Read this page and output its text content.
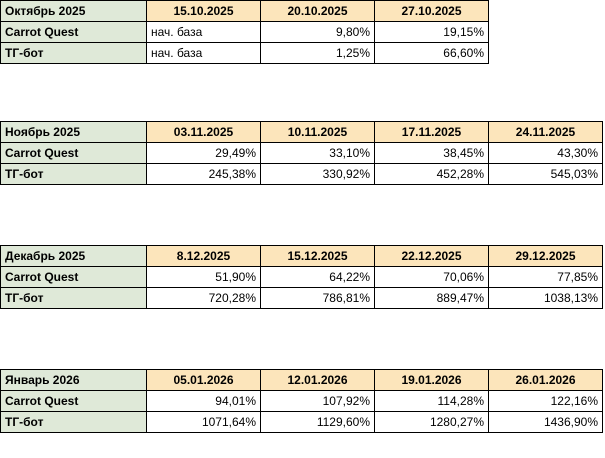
Октябрь 2025	15.10.2025	20.10.2025	27.10.2025
Carrot Quest	нач. база	9,80%	19,15%
ТГ-бот	нач. база	1,25%	66,60%
Ноябрь 2025	03.11.2025	10.11.2025	17.11.2025	24.11.2025
Carrot Quest	29,49%	33,10%	38,45%	43,30%
ТГ-бот	245,38%	330,92%	452,28%	545,03%
Декабрь 2025	8.12.2025	15.12.2025	22.12.2025	29.12.2025
Carrot Quest	51,90%	64,22%	70,06%	77,85%
ТГ-бот	720,28%	786,81%	889,47%	1038,13%
Январь 2026	05.01.2026	12.01.2026	19.01.2026	26.01.2026
Carrot Quest	94,01%	107,92%	114,28%	122,16%
ТГ-бот	1071,64%	1129,60%	1280,27%	1436,90%
